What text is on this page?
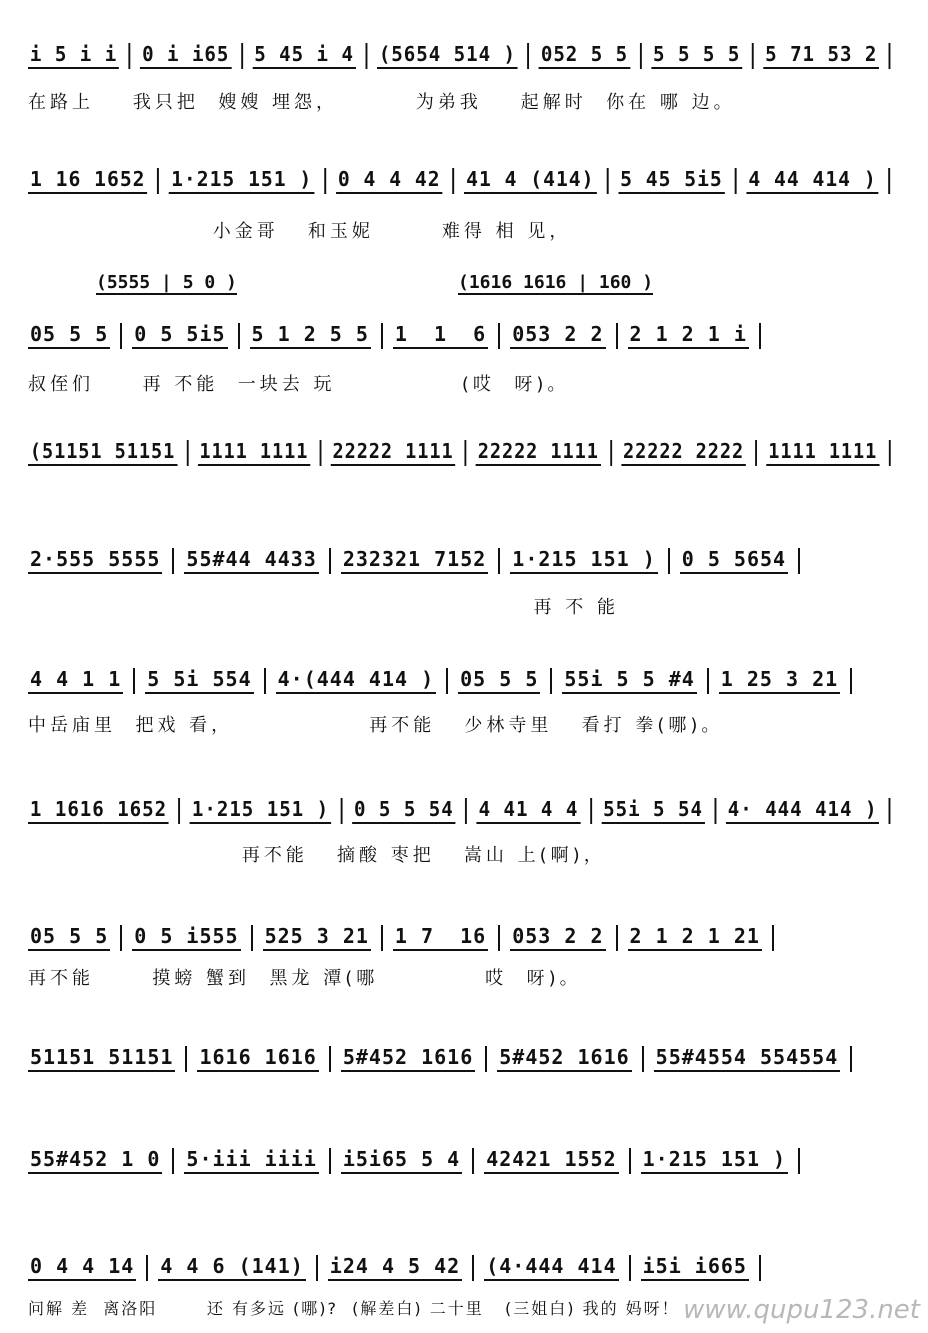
i 5 i i 0 i i65 5 45 i 4 (5654 514 ) 052 5 5 5 5 5 5 5 71 53 2
在路上    我只把  嫂嫂 埋怨，        为弟我    起解时  你在 哪 边。
1 16 1652 1·215 151 ) 0 4 4 42 41 4 (414) 5 45 5i5 4 44 414 )
小金哥   和玉妮       难得 相 见，
(5555 | 5 0 )	(1616 1616 | 160 )
05 5 5 0 5 5i5 5 1 2 5 5 1  1  6 053 2 2 2 1 2 1 i
叔侄们     再 不能  一块去 玩             (哎  呀)。
(51151 51151 1111 1111 22222 1111 22222 1111 22222 2222 1111 1111
2·555 5555 55#44 4433 232321 7152 1·215 151 ) 0 5 5654
再 不 能
4 4 1 1 5 5i 554 4·(444 414 ) 05 5 5 55i 5 5 #4 1 25 3 21
中岳庙里  把戏 看，              再不能   少林寺里   看打 拳(哪)。
1 1616 1652 1·215 151 ) 0 5 5 54 4 41 4 4 55i 5 54 4· 444 414 )
再不能   摘酸 枣把   嵩山 上(啊)，
05 5 5 0 5 i555 525 3 21 1 7  16 053 2 2 2 1 2 1 21
再不能      摸螃 蟹到  黑龙 潭(哪           哎  呀)。
51151 51151 1616 1616 5#452 1616 5#452 1616 55#4554 554554
55#452 1 0 5·iii iiii i5i65 5 4 42421 1552 1·215 151 )
0 4 4 14 4 4 6 (141) i24 4 5 42 (4·444 414 i5i i665
问解 差  离洛阳       还 有多远 (哪)?  (解差白) 二十里   (三姐白) 我的 妈呀！ www.qupu123.net
